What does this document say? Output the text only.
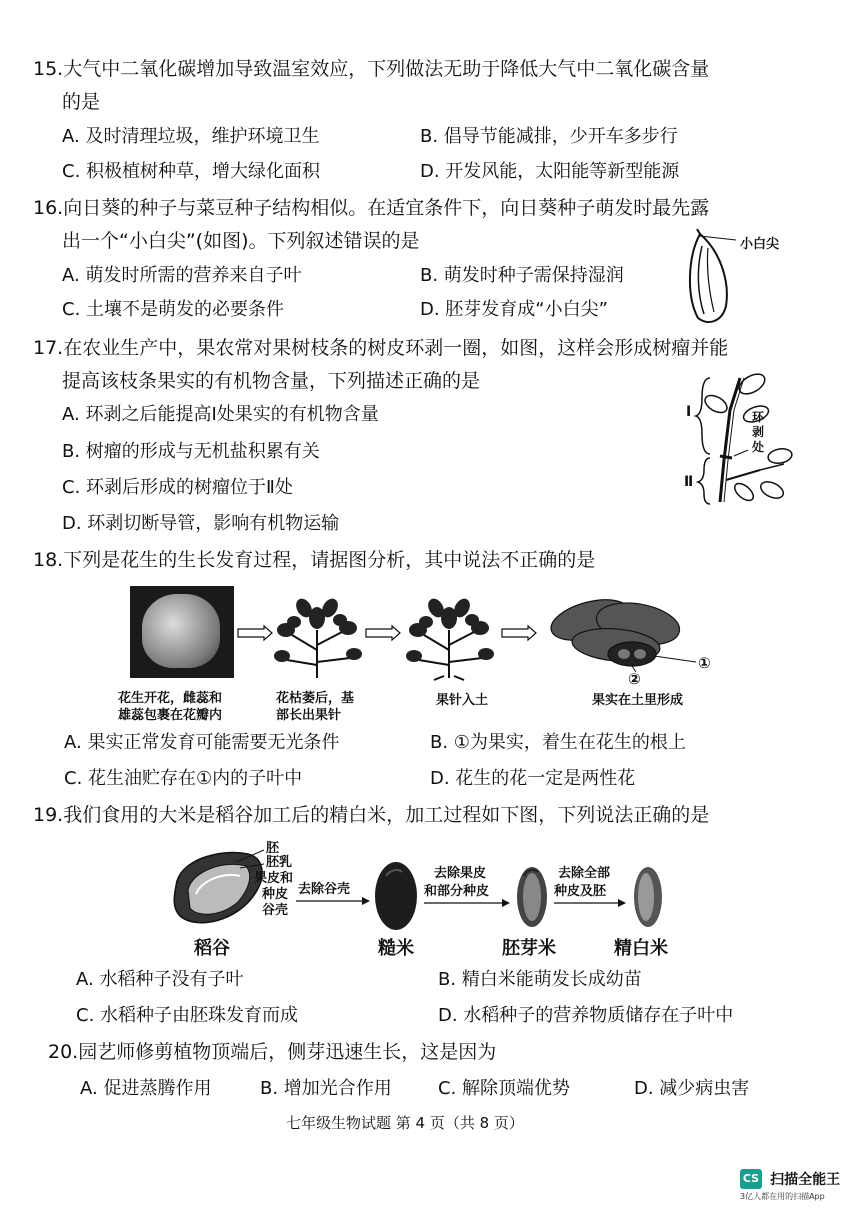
15.大气中二氧化碳增加导致温室效应，下列做法无助于降低大气中二氧化碳含量
的是
A. 及时清理垃圾，维护环境卫生	B. 倡导节能减排，少开车多步行
C. 积极植树种草，增大绿化面积	D. 开发风能，太阳能等新型能源
16.向日葵的种子与菜豆种子结构相似。在适宜条件下，向日葵种子萌发时最先露
出一个“小白尖”(如图)。下列叙述错误的是
A. 萌发时所需的营养来自子叶	B. 萌发时种子需保持湿润
C. 土壤不是萌发的必要条件	D. 胚芽发育成“小白尖”
小白尖
17.在农业生产中，果农常对果树枝条的树皮环剥一圈，如图，这样会形成树瘤并能
提高该枝条果实的有机物含量，下列描述正确的是
A. 环剥之后能提高Ⅰ处果实的有机物含量
B. 树瘤的形成与无机盐积累有关
C. 环剥后形成的树瘤位于Ⅱ处
D. 环剥切断导管，影响有机物运输
Ⅰ
Ⅱ
环剥处
18.下列是花生的生长发育过程，请据图分析，其中说法不正确的是
①
②
花生开花，雌蕊和
雄蕊包裹在花瓣内
花枯萎后，基
部长出果针
果针入土	果实在土里形成
A. 果实正常发育可能需要无光条件	B. ①为果实，着生在花生的根上
C. 花生油贮存在①内的子叶中	D. 花生的花一定是两性花
19.我们食用的大米是稻谷加工后的精白米，加工过程如下图，下列说法正确的是
胚
胚乳
果皮和
种皮
谷壳
去除谷壳
去除果皮
和部分种皮
去除全部
种皮及胚
稻谷	糙米	胚芽米	精白米
A. 水稻种子没有子叶	B. 精白米能萌发长成幼苗
C. 水稻种子由胚珠发育而成	D. 水稻种子的营养物质储存在子叶中
20.园艺师修剪植物顶端后，侧芽迅速生长，这是因为
A. 促进蒸腾作用	B. 增加光合作用	C. 解除顶端优势	D. 减少病虫害
七年级生物试题 第 4 页（共 8 页）
CS 扫描全能王
3亿人都在用的扫描App
